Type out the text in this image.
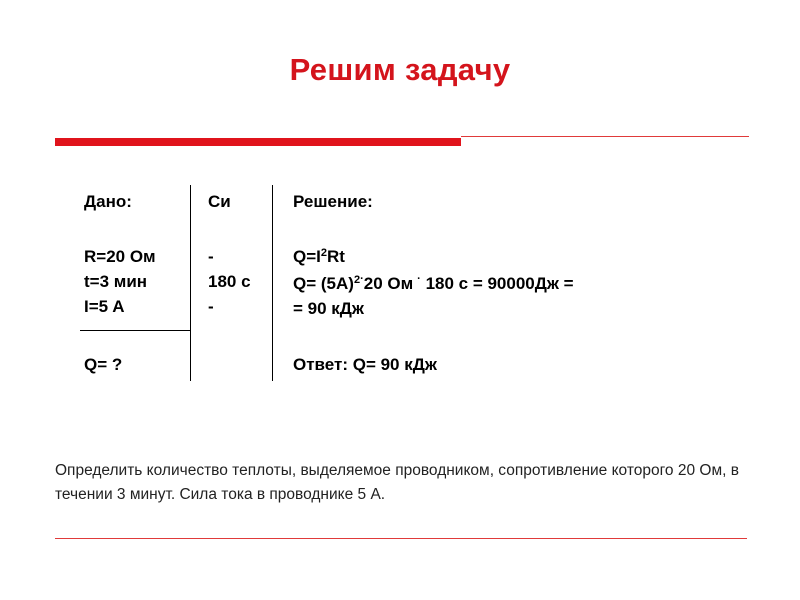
Решим задачу
Дано:
R=20 Ом
t=3 мин
I=5 A
Q= ?
Си
-
180 с
-
Решение:
$Q=I^2Rt$
$Q= (5A)^{2\cdot}20$ Ом · 180 с = 90000Дж =
= 90 кДж
Ответ: Q= 90 кДж
Определить количество теплоты, выделяемое проводником, сопротивление которого 20 Ом, в течении 3 минут. Сила тока в проводнике 5 А.
